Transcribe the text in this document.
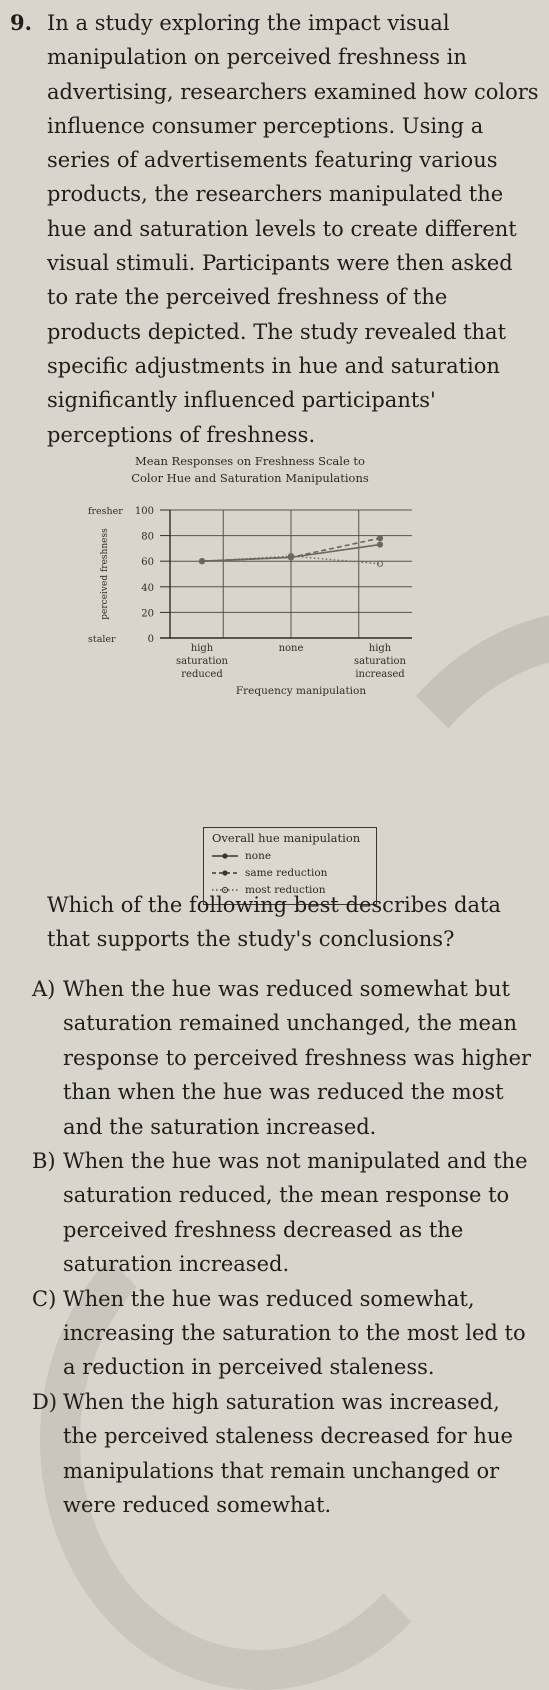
9. In a study exploring the impact visual manipulation on perceived freshness in advertising, researchers examined how colors influence consumer perceptions. Using a series of advertisements featuring various products, the researchers manipulated the hue and saturation levels to create different visual stimuli. Participants were then asked to rate the perceived freshness of the products depicted. The study revealed that specific adjustments in hue and saturation significantly influenced participants' perceptions of freshness.
Mean Responses on Freshness Scale to
Color Hue and Saturation Manipulations
100
80
60
40
20
0
fresher
staler
perceived freshness
high	none	high
saturation
reduced
saturation
increased
Frequency manipulation
Overall hue manipulation
none
same reduction
most reduction
Which of the following best describes data that supports the study's conclusions?
A) When the hue was reduced somewhat but saturation remained unchanged, the mean response to perceived freshness was higher than when the hue was reduced the most and the saturation increased.
B) When the hue was not manipulated and the saturation reduced, the mean response to perceived freshness decreased as the saturation increased.
C) When the hue was reduced somewhat, increasing the saturation to the most led to a reduction in perceived staleness.
D) When the high saturation was increased, the perceived staleness decreased for hue manipulations that remain unchanged or were reduced somewhat.
